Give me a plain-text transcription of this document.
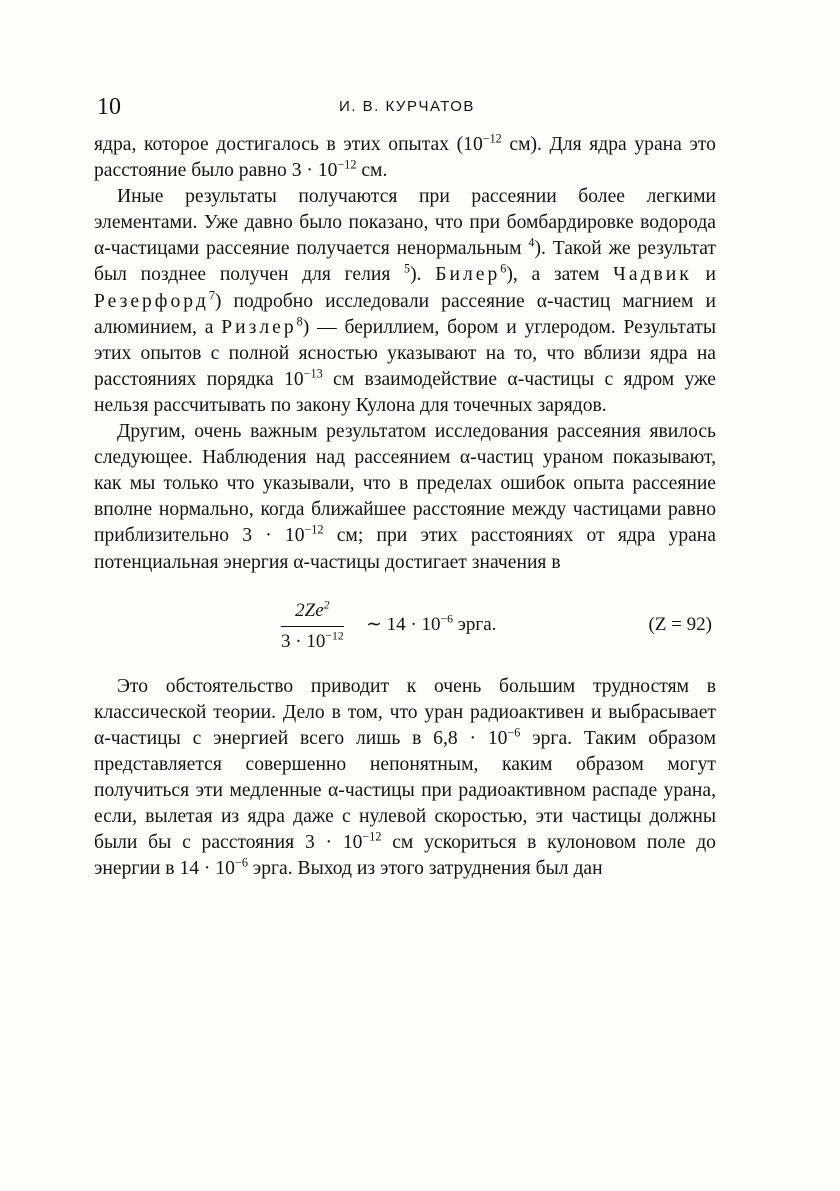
10	И. В. КУРЧАТОВ

ядра, которое достигалось в этих опытах ($10^{-12}$ см). Для ядра урана это расстояние было равно $3 \cdot 10^{-12}$ см.

Иные результаты получаются при рассеянии более легкими элементами. Уже давно было показано, что при бомбардировке водорода α-частицами рассеяние получается ненормальным $^4$). Такой же результат был позднее получен для гелия $^5$). Билер$^6$), а затем Чадвик и Резерфорд$^7$) подробно исследовали рассеяние α-частиц магнием и алюминием, а Ризлер$^8$) — бериллием, бором и углеродом. Результаты этих опытов с полной ясностью указывают на то, что вблизи ядра на расстояниях порядка $10^{-13}$ см взаимодействие α-частицы с ядром уже нельзя рассчитывать по закону Кулона для точечных зарядов.

Другим, очень важным результатом исследования рассеяния явилось следующее. Наблюдения над рассеянием α-частиц ураном показывают, как мы только что указывали, что в пределах ошибок опыта рассеяние вполне нормально, когда ближайшее расстояние между частицами равно приблизительно $3 \cdot 10^{-12}$ см; при этих расстояниях от ядра урана потенциальная энергия α-частицы достигает значения в

$\frac{2Ze^2}{3 \cdot 10^{-12}}$ ∼ $14 \cdot 10^{-6}$ эрга.	(Z = 92)

Это обстоятельство приводит к очень большим трудностям в классической теории. Дело в том, что уран радиоактивен и выбрасывает α-частицы с энергией всего лишь в $6,8 \cdot 10^{-6}$ эрга. Таким образом представляется совершенно непонятным, каким образом могут получиться эти медленные α-частицы при радиоактивном распаде урана, если, вылетая из ядра даже с нулевой скоростью, эти частицы должны были бы с расстояния $3 \cdot 10^{-12}$ см ускориться в кулоновом поле до энергии в $14 \cdot 10^{-6}$ эрга. Выход из этого затруднения был дан
